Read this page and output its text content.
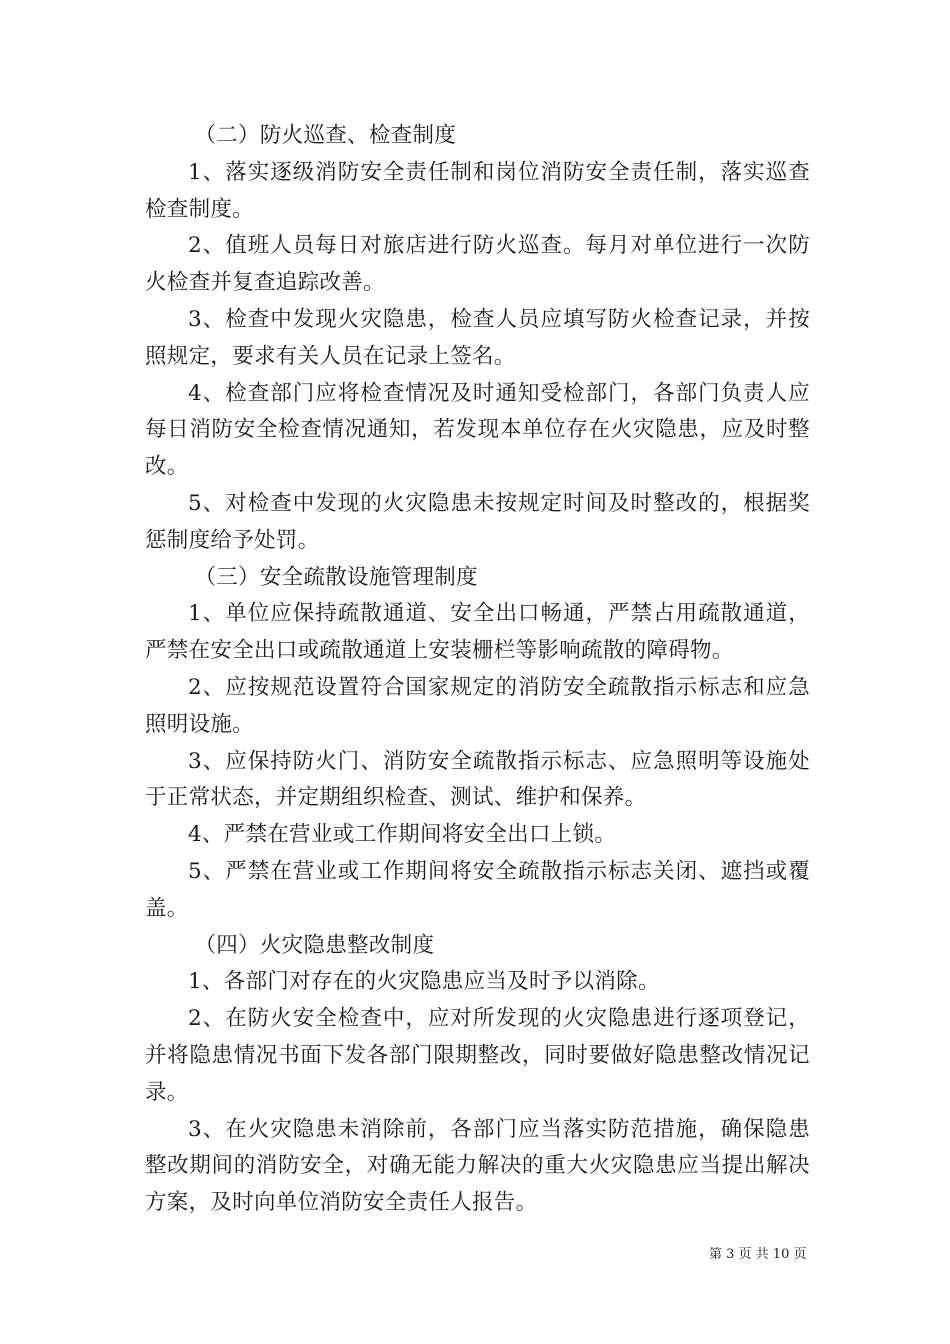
（二）防火巡查、检查制度

1、落实逐级消防安全责任制和岗位消防安全责任制，落实巡查检查制度。

2、值班人员每日对旅店进行防火巡查。每月对单位进行一次防火检查并复查追踪改善。

3、检查中发现火灾隐患，检查人员应填写防火检查记录，并按照规定，要求有关人员在记录上签名。

4、检查部门应将检查情况及时通知受检部门，各部门负责人应每日消防安全检查情况通知，若发现本单位存在火灾隐患，应及时整改。

5、对检查中发现的火灾隐患未按规定时间及时整改的，根据奖惩制度给予处罚。

（三）安全疏散设施管理制度

1、单位应保持疏散通道、安全出口畅通，严禁占用疏散通道，严禁在安全出口或疏散通道上安装栅栏等影响疏散的障碍物。

2、应按规范设置符合国家规定的消防安全疏散指示标志和应急照明设施。

3、应保持防火门、消防安全疏散指示标志、应急照明等设施处于正常状态，并定期组织检查、测试、维护和保养。

4、严禁在营业或工作期间将安全出口上锁。

5、严禁在营业或工作期间将安全疏散指示标志关闭、遮挡或覆盖。

（四）火灾隐患整改制度

1、各部门对存在的火灾隐患应当及时予以消除。

2、在防火安全检查中，应对所发现的火灾隐患进行逐项登记，并将隐患情况书面下发各部门限期整改，同时要做好隐患整改情况记录。

3、在火灾隐患未消除前，各部门应当落实防范措施，确保隐患整改期间的消防安全，对确无能力解决的重大火灾隐患应当提出解决方案，及时向单位消防安全责任人报告。

第 3 页 共 10 页
